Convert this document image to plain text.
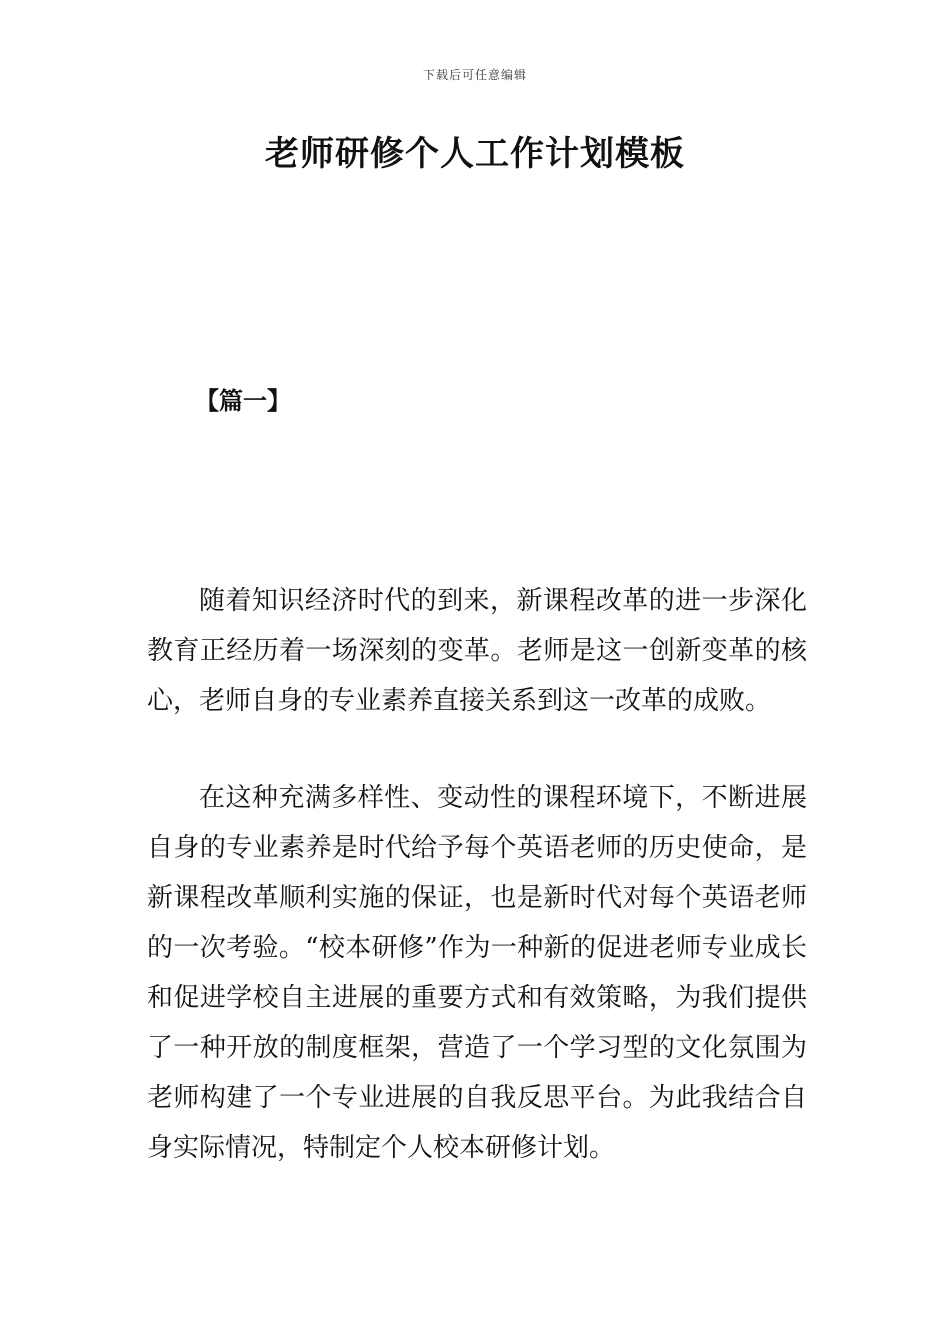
下载后可任意编辑
老师研修个人工作计划模板
【篇一】

随着知识经济时代的到来，新课程改革的进一步深化教育正经历着一场深刻的变革。老师是这一创新变革的核心，老师自身的专业素养直接关系到这一改革的成败。

在这种充满多样性、变动性的课程环境下，不断进展自身的专业素养是时代给予每个英语老师的历史使命，是新课程改革顺利实施的保证，也是新时代对每个英语老师的一次考验。“校本研修”作为一种新的促进老师专业成长和促进学校自主进展的重要方式和有效策略，为我们提供了一种开放的制度框架，营造了一个学习型的文化氛围为老师构建了一个专业进展的自我反思平台。为此我结合自身实际情况，特制定个人校本研修计划。
